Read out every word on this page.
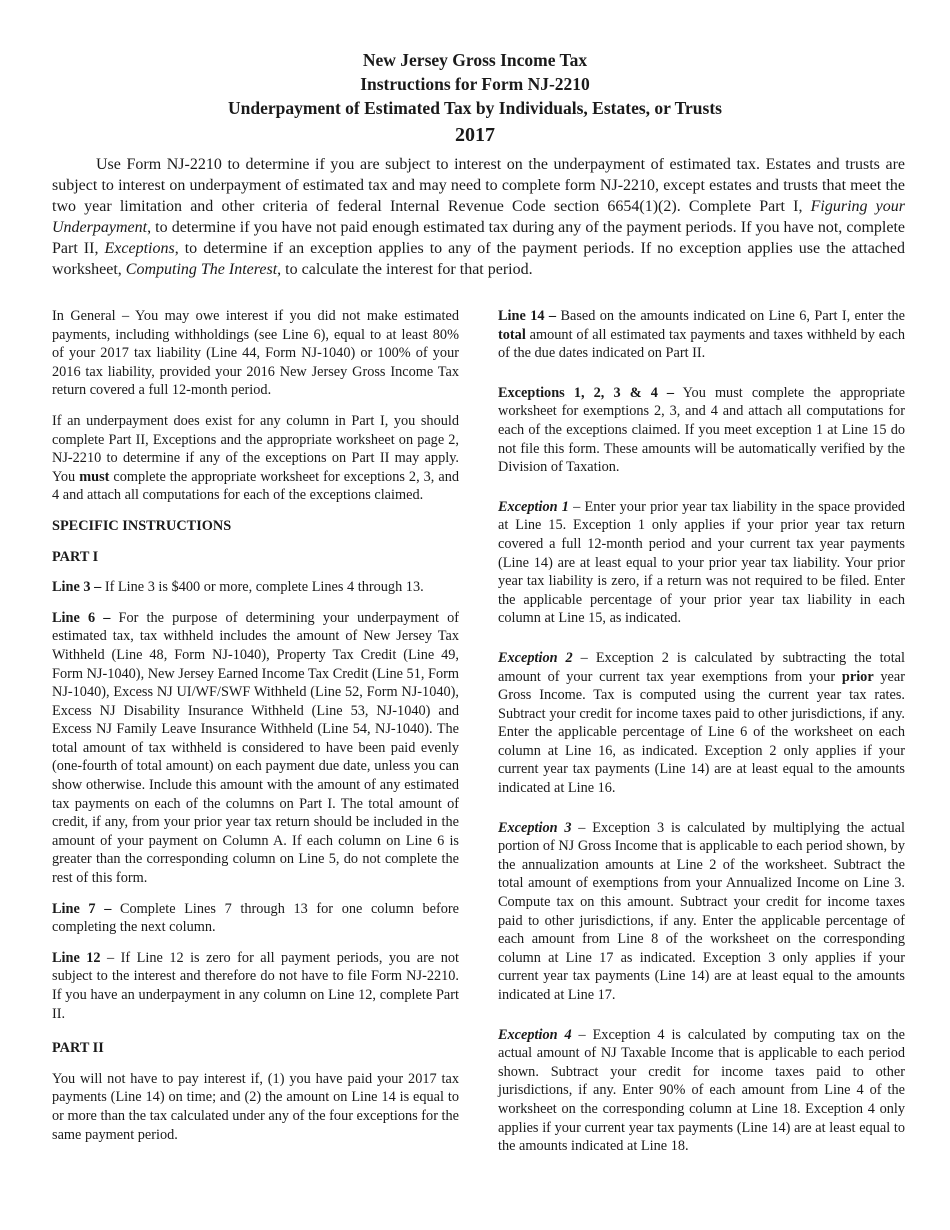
New Jersey Gross Income Tax
Instructions for Form NJ-2210
Underpayment of Estimated Tax by Individuals, Estates, or Trusts
2017

Use Form NJ-2210 to determine if you are subject to interest on the underpayment of estimated tax. Estates and trusts are subject to interest on underpayment of estimated tax and may need to complete form NJ-2210, except estates and trusts that meet the two year limitation and other criteria of federal Internal Revenue Code section 6654(1)(2). Complete Part I, Figuring your Underpayment, to determine if you have not paid enough estimated tax during any of the payment periods. If you have not, complete Part II, Exceptions, to determine if an exception applies to any of the payment periods. If no exception applies use the attached worksheet, Computing The Interest, to calculate the interest for that period.

In General – You may owe interest if you did not make estimated payments, including withholdings (see Line 6), equal to at least 80% of your 2017 tax liability (Line 44, Form NJ-1040) or 100% of your 2016 tax liability, provided your 2016 New Jersey Gross Income Tax return covered a full 12-month period.

If an underpayment does exist for any column in Part I, you should complete Part II, Exceptions and the appropriate worksheet on page 2, NJ-2210 to determine if any of the exceptions on Part II may apply. You must complete the appropriate worksheet for exceptions 2, 3, and 4 and attach all computations for each of the exceptions claimed.

SPECIFIC INSTRUCTIONS
PART I

Line 3 – If Line 3 is $400 or more, complete Lines 4 through 13.

Line 6 – For the purpose of determining your underpayment of estimated tax, tax withheld includes the amount of New Jersey Tax Withheld (Line 48, Form NJ-1040), Property Tax Credit (Line 49, Form NJ-1040), New Jersey Earned Income Tax Credit (Line 51, Form NJ-1040), Excess NJ UI/WF/SWF Withheld (Line 52, Form NJ-1040), Excess NJ Disability Insurance Withheld (Line 53, NJ-1040) and Excess NJ Family Leave Insurance Withheld (Line 54, NJ-1040). The total amount of tax withheld is considered to have been paid evenly (one-fourth of total amount) on each payment due date, unless you can show otherwise. Include this amount with the amount of any estimated tax payments on each of the columns on Part I. The total amount of credit, if any, from your prior year tax return should be included in the amount of your payment on Column A. If each column on Line 6 is greater than the corresponding column on Line 5, do not complete the rest of this form.

Line 7 – Complete Lines 7 through 13 for one column before completing the next column.

Line 12 – If Line 12 is zero for all payment periods, you are not subject to the interest and therefore do not have to file Form NJ-2210. If you have an underpayment in any column on Line 12, complete Part II.

PART II

You will not have to pay interest if, (1) you have paid your 2017 tax payments (Line 14) on time; and (2) the amount on Line 14 is equal to or more than the tax calculated under any of the four exceptions for the same payment period.

Line 14 – Based on the amounts indicated on Line 6, Part I, enter the total amount of all estimated tax payments and taxes withheld by each of the due dates indicated on Part II.

Exceptions 1, 2, 3 & 4 – You must complete the appropriate worksheet for exemptions 2, 3, and 4 and attach all computations for each of the exceptions claimed. If you meet exception 1 at Line 15 do not file this form. These amounts will be automatically verified by the Division of Taxation.

Exception 1 – Enter your prior year tax liability in the space provided at Line 15. Exception 1 only applies if your prior year tax return covered a full 12-month period and your current tax year payments (Line 14) are at least equal to your prior year tax liability. Your prior year tax liability is zero, if a return was not required to be filed. Enter the applicable percentage of your prior year tax liability in each column at Line 15, as indicated.

Exception 2 – Exception 2 is calculated by subtracting the total amount of your current tax year exemptions from your prior year Gross Income. Tax is computed using the current year tax rates. Subtract your credit for income taxes paid to other jurisdictions, if any. Enter the applicable percentage of Line 6 of the worksheet on each column at Line 16, as indicated. Exception 2 only applies if your current year tax payments (Line 14) are at least equal to the amounts indicated at Line 16.

Exception 3 – Exception 3 is calculated by multiplying the actual portion of NJ Gross Income that is applicable to each period shown, by the annualization amounts at Line 2 of the worksheet. Subtract the total amount of exemptions from your Annualized Income on Line 3. Compute tax on this amount. Subtract your credit for income taxes paid to other jurisdictions, if any. Enter the applicable percentage of each amount from Line 8 of the worksheet on the corresponding column at Line 17 as indicated. Exception 3 only applies if your current year tax payments (Line 14) are at least equal to the amounts indicated at Line 17.

Exception 4 – Exception 4 is calculated by computing tax on the actual amount of NJ Taxable Income that is applicable to each period shown. Subtract your credit for income taxes paid to other jurisdictions, if any. Enter 90% of each amount from Line 4 of the worksheet on the corresponding column at Line 18. Exception 4 only applies if your current year tax payments (Line 14) are at least equal to the amounts indicated at Line 18.
